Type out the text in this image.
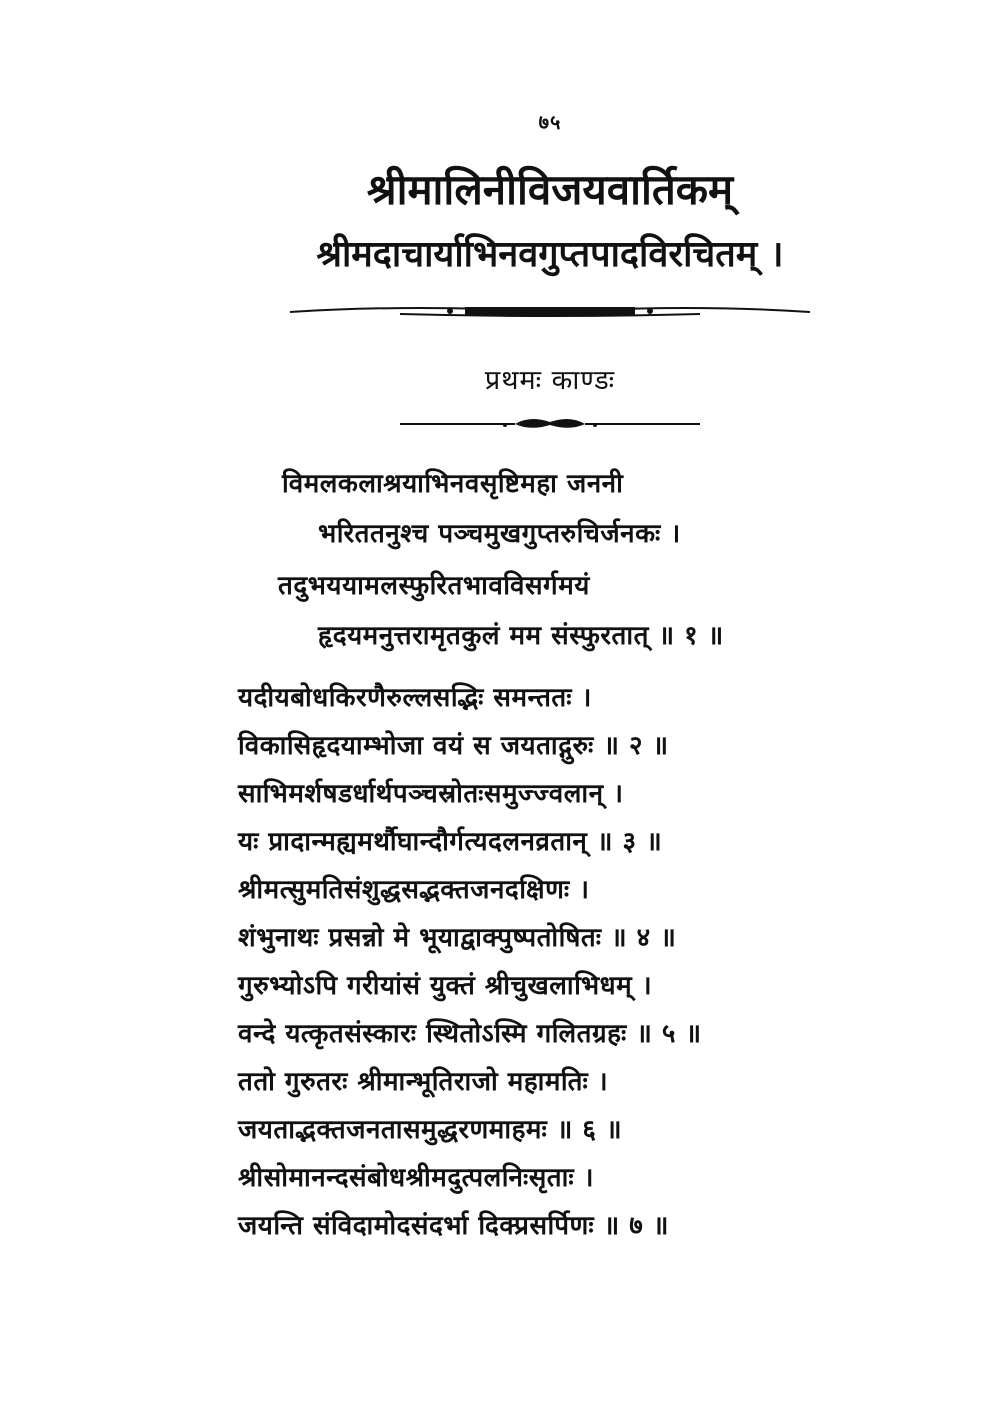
७५
श्रीमालिनीविजयवार्तिकम्
श्रीमदाचार्याभिनवगुप्तपादविरचितम् ।
प्रथमः काण्डः
विमलकलाश्रयाभिनवसृष्टिमहा जननी
भरिततनुश्च पञ्चमुखगुप्तरुचिर्जनकः ।
तदुभययामलस्फुरितभावविसर्गमयं
हृदयमनुत्तरामृतकुलं मम संस्फुरतात् ॥ १ ॥
यदीयबोधकिरणैरुल्लसद्भिः समन्ततः ।
विकासिहृदयाम्भोजा वयं स जयताद्गुरुः ॥ २ ॥
साभिमर्शषडर्धार्थपञ्चस्रोतःसमुज्ज्वलान् ।
यः प्रादान्मह्यमर्थौघान्दौर्गत्यदलनव्रतान् ॥ ३ ॥
श्रीमत्सुमतिसंशुद्धसद्भक्तजनदक्षिणः ।
शंभुनाथः प्रसन्नो मे भूयाद्वाक्पुष्पतोषितः ॥ ४ ॥
गुरुभ्योऽपि गरीयांसं युक्तं श्रीचुखलाभिधम् ।
वन्दे यत्कृतसंस्कारः स्थितोऽस्मि गलितग्रहः ॥ ५ ॥
ततो गुरुतरः श्रीमान्भूतिराजो महामतिः ।
जयताद्भक्तजनतासमुद्धरणमाहमः ॥ ६ ॥
श्रीसोमानन्दसंबोधश्रीमदुत्पलनिःसृताः ।
जयन्ति संविदामोदसंदर्भा दिक्प्रसर्पिणः ॥ ७ ॥
